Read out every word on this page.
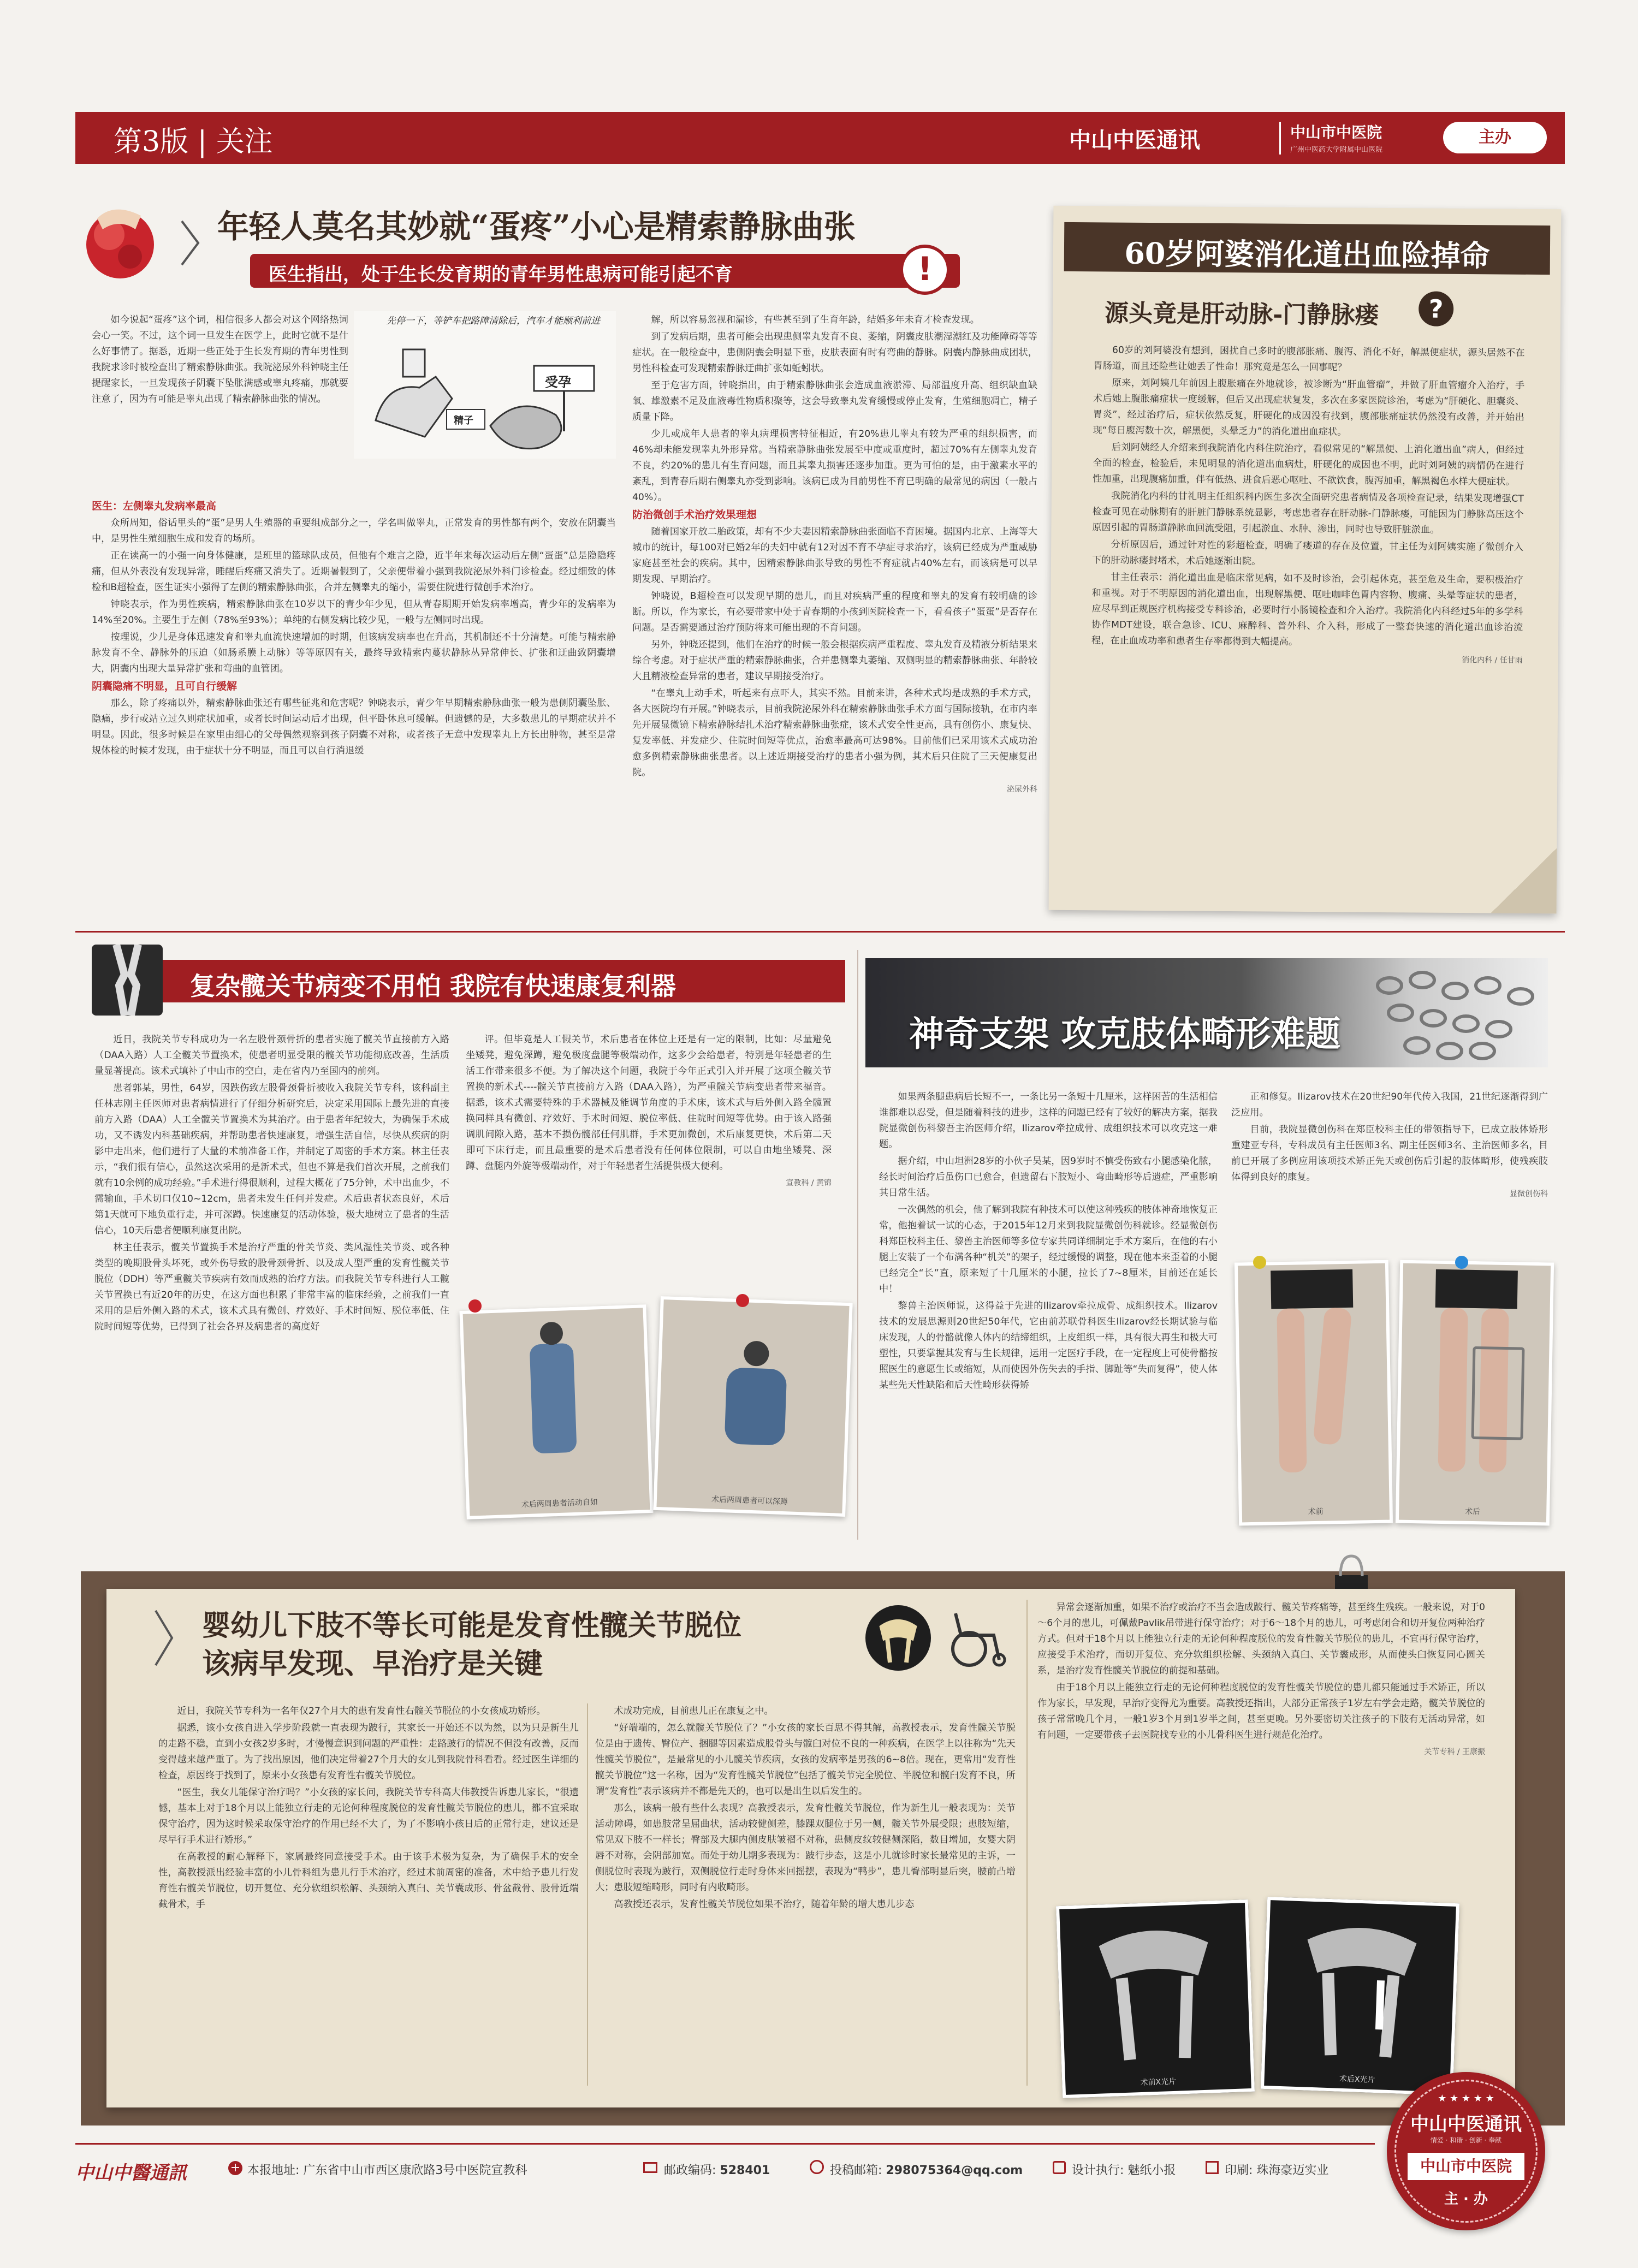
第3版 | 关注	中山中医通讯	中山市中医院
广州中医药大学附属中山医院
主办
年轻人莫名其妙就“蛋疼”小心是精索静脉曲张
医生指出，处于生长发育期的青年男性患病可能引起不育	!

如今说起“蛋疼”这个词，相信很多人都会对这个网络热词会心一笑。不过，这个词一旦发生在医学上，此时它就不是什么好事情了。据悉，近期一些正处于生长发育期的青年男性到我院求诊时被检查出了精索静脉曲张。我院泌尿外科钟晓主任提醒家长，一旦发现孩子阴囊下坠胀满感或睾丸疼痛，那就要注意了，因为有可能是睾丸出现了精索静脉曲张的情况。

先停一下，等铲车把路障清除后，汽车才能顺利前进
受孕
精子
医生：左侧睾丸发病率最高

众所周知，俗话里头的“蛋”是男人生殖器的重要组成部分之一，学名叫做睾丸，正常发育的男性都有两个，安放在阴囊当中，是男性生殖细胞生成和发育的场所。

正在读高一的小强一向身体健康，是班里的篮球队成员，但他有个难言之隐，近半年来每次运动后左侧“蛋蛋”总是隐隐疼痛，但从外表没有发现异常，睡醒后疼痛又消失了。近期暑假到了，父亲便带着小强到我院泌尿外科门诊检查。经过细致的体检和B超检查，医生证实小强得了左侧的精索静脉曲张，合并左侧睾丸的缩小，需要住院进行微创手术治疗。

钟晓表示，作为男性疾病，精索静脉曲张在10岁以下的青少年少见，但从青春期期开始发病率增高，青少年的发病率为14%至20%。主要生于左侧（78%至93%）；单纯的右侧发病比较少见，一般与左侧同时出现。

按理说，少儿是身体迅速发育和睾丸血流快速增加的时期，但该病发病率也在升高，其机制还不十分清楚。可能与精索静脉发育不全、静脉外的压迫（如肠系膜上动脉）等等原因有关，最终导致精索内蔓状静脉丛异常伸长、扩张和迂曲致阴囊增大，阴囊内出现大量异常扩张和弯曲的血管团。

阴囊隐痛不明显，且可自行缓解

那么，除了疼痛以外，精索静脉曲张还有哪些征兆和危害呢？钟晓表示，青少年早期精索静脉曲张一般为患侧阴囊坠胀、隐痛，步行或站立过久则症状加重，或者长时间运动后才出现，但平卧休息可缓解。但遗憾的是，大多数患儿的早期症状并不明显。因此，很多时候是在家里由细心的父母偶然观察到孩子阴囊不对称，或者孩子无意中发现睾丸上方长出肿物，甚至是常规体检的时候才发现，由于症状十分不明显，而且可以自行消退缓

解，所以容易忽视和漏诊，有些甚至到了生育年龄，结婚多年未育才检查发现。

到了发病后期，患者可能会出现患侧睾丸发育不良、萎缩，阴囊皮肤潮湿潮红及功能障碍等等症状。在一般检查中，患侧阴囊会明显下垂，皮肤表面有时有弯曲的静脉。阴囊内静脉曲成团状，男性科检查可发现精索静脉迂曲扩张如蚯蚓状。

至于危害方面，钟晓指出，由于精索静脉曲张会造成血液淤滞、局部温度升高、组织缺血缺氧、雄激素不足及血液毒性物质积聚等，这会导致睾丸发育缓慢或停止发育，生殖细胞凋亡，精子质量下降。

少儿或成年人患者的睾丸病理损害特征相近，有20%患儿睾丸有较为严重的组织损害，而46%却未能发现睾丸外形异常。当精索静脉曲张发展至中度或重度时，超过70%有左侧睾丸发育不良，约20%的患儿有生育问题，而且其睾丸损害还逐步加重。更为可怕的是，由于激素水平的紊乱，到青春后期右侧睾丸亦受到影响。该病已成为目前男性不育已明确的最常见的病因（一般占40%）。

防治微创手术治疗效果理想

随着国家开放二胎政策，却有不少夫妻因精索静脉曲张面临不育困境。据国内北京、上海等大城市的统计，每100对已婚2年的夫妇中就有12对因不育不孕症寻求治疗，该病已经成为严重威胁家庭甚至社会的疾病。其中，因精索静脉曲张导致的男性不育症就占40%左右，而该病是可以早期发现、早期治疗。

钟晓说，B超检查可以发现早期的患儿，而且对疾病严重的程度和睾丸的发育有较明确的诊断。所以，作为家长，有必要带家中处于青春期的小孩到医院检查一下，看看孩子“蛋蛋”是否存在问题。是否需要通过治疗预防将来可能出现的不育问题。

另外，钟晓还提到，他们在治疗的时候一般会根据疾病严重程度、睾丸发育及精液分析结果来综合考虑。对于症状严重的精索静脉曲张，合并患侧睾丸萎缩、双侧明显的精索静脉曲张、年龄较大且精液检查异常的患者，建议早期接受治疗。

“在睾丸上动手术，听起来有点吓人，其实不然。目前来讲，各种术式均是成熟的手术方式，各大医院均有开展。”钟晓表示，目前我院泌尿外科在精索静脉曲张手术方面与国际接轨，在市内率先开展显微镜下精索静脉结扎术治疗精索静脉曲张症，该术式安全性更高，具有创伤小、康复快、复发率低、并发症少、住院时间短等优点，治愈率最高可达98%。目前他们已采用该术式成功治愈多例精索静脉曲张患者。以上述近期接受治疗的患者小强为例，其术后只住院了三天便康复出院。

泌尿外科
60岁阿婆消化道出血险掉命
源头竟是肝动脉-门静脉瘘	?

60岁的刘阿婆没有想到，困扰自己多时的腹部胀痛、腹泻、消化不好，解黑便症状，源头居然不在胃肠道，而且还险些让她丢了性命！那究竟是怎么一回事呢？

原来，刘阿姨几年前因上腹胀痛在外地就诊，被诊断为“肝血管瘤”，并做了肝血管瘤介入治疗，手术后她上腹胀痛症状一度缓解，但后又出现症状复发，多次在多家医院诊治，考虑为“肝硬化、胆囊炎、胃炎”，经过治疗后，症状依然反复，肝硬化的成因没有找到，腹部胀痛症状仍然没有改善，并开始出现“每日腹泻数十次，解黑便，头晕乏力”的消化道出血症状。

后刘阿姨经人介绍来到我院消化内科住院治疗，看似常见的“解黑便、上消化道出血”病人，但经过全面的检查，检验后，未见明显的消化道出血病灶，肝硬化的成因也不明，此时刘阿姨的病情仍在进行性加重，出现腹痛加重，伴有低热、进食后恶心呕吐、不欲饮食，腹泻加重，解黑褐色水样大便症状。

我院消化内科的甘礼明主任组织科内医生多次全面研究患者病情及各项检查记录，结果发现增强CT检查可见在动脉期有的肝脏门静脉系统显影，考虑患者存在肝动脉-门静脉瘘，可能因为门静脉高压这个原因引起的胃肠道静脉血回流受阻，引起淤血、水肿、渗出，同时也导致肝脏淤血。

分析原因后，通过针对性的彩超检查，明确了瘘道的存在及位置，甘主任为刘阿姨实施了微创介入下的肝动脉瘘封堵术，术后她逐渐出院。

甘主任表示：消化道出血是临床常见病，如不及时诊治，会引起休克，甚至危及生命，要积极治疗和重视。对于不明原因的消化道出血，出现解黑便、呕吐咖啡色胃内容物、腹痛、头晕等症状的患者，应尽早到正规医疗机构接受专科诊治，必要时行小肠镜检查和介入治疗。我院消化内科经过5年的多学科协作MDT建设，联合急诊、ICU、麻醉科、普外科、介入科，形成了一整套快速的消化道出血诊治流程，在止血成功率和患者生存率都得到大幅提高。

消化内科 / 任甘雨
复杂髋关节病变不用怕 我院有快速康复利器

近日，我院关节专科成功为一名左股骨颈骨折的患者实施了髋关节直接前方入路（DAA入路）人工全髋关节置换术，使患者明显受限的髋关节功能彻底改善，生活质量显著提高。该术式填补了中山市的空白，走在省内乃至国内的前列。

患者郭某，男性，64岁，因跌伤致左股骨颈骨折被收入我院关节专科，该科副主任林志刚主任医师对患者病情进行了仔细分析研究后，决定采用国际上最先进的直接前方入路（DAA）人工全髋关节置换术为其治疗。由于患者年纪较大，为确保手术成功，又不诱发内科基础疾病，并帮助患者快速康复，增强生活自信，尽快从疾病的阴影中走出来，他们进行了大量的术前准备工作，并制定了周密的手术方案。林主任表示，“我们很有信心，虽然这次采用的是新术式，但也不算是我们首次开展，之前我们就有10余例的成功经验。”手术进行得很顺利，过程大概花了75分钟，术中出血少，不需输血，手术切口仅10~12cm，患者未发生任何并发症。术后患者状态良好，术后第1天就可下地负重行走，并可深蹲。快速康复的活动体验，极大地树立了患者的生活信心，10天后患者便顺利康复出院。

林主任表示，髋关节置换手术是治疗严重的骨关节炎、类风湿性关节炎、或各种类型的晚期股骨头坏死，或外伤导致的股骨颈骨折、以及成人型严重的发育性髋关节脱位（DDH）等严重髋关节疾病有效而成熟的治疗方法。而我院关节专科进行人工髋关节置换已有近20年的历史，在这方面也积累了非常丰富的临床经验，之前我们一直采用的是后外侧入路的术式，该术式具有微创、疗效好、手术时间短、脱位率低、住院时间短等优势，已得到了社会各界及病患者的高度好

评。但毕竟是人工假关节，术后患者在体位上还是有一定的限制，比如：尽量避免坐矮凳，避免深蹲，避免极度盘腿等极端动作，这多少会给患者，特别是年轻患者的生活工作带来很多不便。为了解决这个问题，我院于今年正式引入并开展了这项全髋关节置换的新术式----髋关节直接前方入路（DAA入路），为严重髋关节病变患者带来福音。据悉，该术式需要特殊的手术器械及能调节角度的手术床，该术式与后外侧入路全髋置换同样具有微创、疗效好、手术时间短、脱位率低、住院时间短等优势。由于该入路强调肌间隙入路，基本不损伤髋部任何肌群，手术更加微创，术后康复更快，术后第二天即可下床行走，而且最重要的是术后患者没有任何体位限制，可以自由地坐矮凳、深蹲、盘腿内外旋等极端动作，对于年轻患者生活提供极大便利。

宣教科 / 黄锦
术后两周患者活动自如	术后两周患者可以深蹲
神奇支架 攻克肢体畸形难题

如果两条腿患病后长短不一，一条比另一条短十几厘米，这样困苦的生活相信谁都难以忍受，但是随着科技的进步，这样的问题已经有了较好的解决方案，据我院显微创伤科黎吾主治医师介绍，Ilizarov牵拉成骨、成组织技术可以攻克这一难题。

据介绍，中山坦洲28岁的小伙子吴某，因9岁时不慎受伤致右小腿感染化脓，经长时间治疗后虽伤口已愈合，但遗留右下肢短小、弯曲畸形等后遗症，严重影响其日常生活。

一次偶然的机会，他了解到我院有种技术可以使这种残疾的肢体神奇地恢复正常，他抱着试一试的心态，于2015年12月来到我院显微创伤科就诊。经显微创伤科郑臣校科主任、黎兽主治医师等多位专家共同详细制定手术方案后，在他的右小腿上安装了一个布满各种“机关”的架子，经过缓慢的调整，现在他本来歪着的小腿已经完全“长”直，原来短了十几厘米的小腿，拉长了7~8厘米，目前还在延长中！

黎兽主治医师说，这得益于先进的Ilizarov牵拉成骨、成组织技术。Ilizarov技术的发展思源则20世纪50年代，它由前苏联骨科医生Ilizarov经长期试验与临床发现，人的骨骼就像人体内的结缔组织，上皮组织一样，具有很大再生和极大可塑性，只要掌握其发育与生长规律，运用一定医疗手段，在一定程度上可使骨骼按照医生的意愿生长或缩短，从而使因外伤失去的手指、脚趾等“失而复得”，使人体某些先天性缺陷和后天性畸形获得矫

正和修复。Ilizarov技术在20世纪90年代传入我国，21世纪逐渐得到广泛应用。

目前，我院显微创伤科在郑臣校科主任的带领指导下，已成立肢体矫形重建亚专科，专科成员有主任医师3名、副主任医师3名、主治医师多名，目前已开展了多例应用该项技术矫正先天或创伤后引起的肢体畸形，使残疾肢体得到良好的康复。

显微创伤科
术前	术后
婴幼儿下肢不等长可能是发育性髋关节脱位
该病早发现、早治疗是关键

近日，我院关节专科为一名年仅27个月大的患有发育性右髋关节脱位的小女孩成功矫形。

据悉，该小女孩自进入学步阶段就一直表现为跛行，其家长一开始还不以为然，以为只是新生儿的走路不稳，直到小女孩2岁多时，才慢慢意识到问题的严重性：走路跛行的情况不但没有改善，反而变得越来越严重了。为了找出原因，他们决定带着27个月大的女儿到我院骨科看看。经过医生详细的检查，原因终于找到了，原来小女孩患有发育性右髋关节脱位。

“医生，我女儿能保守治疗吗？”小女孩的家长问，我院关节专科高大伟教授告诉患儿家长，“很遗憾，基本上对于18个月以上能独立行走的无论何种程度脱位的发育性髋关节脱位的患儿，都不宜采取保守治疗，因为这时候采取保守治疗的作用已经不大了，为了不影响小孩日后的正常行走，建议还是尽早行手术进行矫形。”

在高教授的耐心解释下，家属最终同意接受手术。由于该手术极为复杂，为了确保手术的安全性，高教授派出经验丰富的小儿骨科组为患儿行手术治疗，经过术前周密的准备，术中给予患儿行发育性右髋关节脱位，切开复位、充分软组织松解、头颈纳入真臼、关节囊成形、骨盆截骨、股骨近端截骨术，手

术成功完成，目前患儿正在康复之中。

“好端端的，怎么就髋关节脱位了？”小女孩的家长百思不得其解，高教授表示，发育性髋关节脱位是由于遗传、臀位产、捆腿等因素造成股骨头与髋臼对位不良的一种疾病，在医学上以往称为“先天性髋关节脱位”，是最常见的小儿髋关节疾病，女孩的发病率是男孩的6~8倍。现在，更常用“发育性髋关节脱位”这一名称，因为“发育性髋关节脱位”包括了髋关节完全脱位、半脱位和髋臼发育不良，所谓“发育性”表示该病并不都是先天的，也可以是出生以后发生的。

那么，该病一般有些什么表现？高教授表示，发育性髋关节脱位，作为新生儿一般表现为：关节活动障碍，如患肢常呈屈曲状，活动较健侧差，膝踝双腿位于另一侧，髋关节外展受限；患肢短缩，常见双下肢不一样长；臀部及大腿内侧皮肤皱褶不对称，患侧皮纹较健侧深陷，数目增加，女婴大阴唇不对称，会阴部加宽。而处于幼儿期多表现为：跛行步态，这是小儿就诊时家长最常见的主诉，一侧脱位时表现为跛行，双侧脱位行走时身体来回摇摆，表现为“鸭步”，患儿臀部明显后突，腰前凸增大；患肢短缩畸形，同时有内收畸形。

高教授还表示，发育性髋关节脱位如果不治疗，随着年龄的增大患儿步态

异常会逐渐加重，如果不治疗或治疗不当会造成跛行、髋关节疼痛等，甚至终生残疾。一般来说，对于0～6个月的患儿，可佩戴Pavlik吊带进行保守治疗；对于6～18个月的患儿，可考虑闭合和切开复位两种治疗方式。但对于18个月以上能独立行走的无论何种程度脱位的发育性髋关节脱位的患儿，不宜再行保守治疗，应接受手术治疗，而切开复位、充分软组织松解、头颈纳入真臼、关节囊成形，从而使头臼恢复同心圆关系，是治疗发育性髋关节脱位的前提和基础。

由于18个月以上能独立行走的无论何种程度脱位的发育性髋关节脱位的患儿都只能通过手术矫正，所以作为家长，早发现，早治疗变得尤为重要。高教授还指出，大部分正常孩子1岁左右学会走路，髋关节脱位的孩子常常晚几个月，一般1岁3个月到1岁半之间，甚至更晚。另外要密切关注孩子的下肢有无活动异常，如有问题，一定要带孩子去医院找专业的小儿骨科医生进行规范化治疗。

关节专科 / 王康振
术前X光片	术后X光片
中山中醫通訊	+ 本报地址: 广东省中山市西区康欣路3号中医院宣教科	邮政编码: 528401	投稿邮箱: 298075364@qq.com	设计执行: 魅纸小报	印刷: 珠海豪迈实业
★ ★ ★ ★ ★
中山中医通讯
情爱 · 和谐 · 创新 · 奉献
中山市中医院
主 · 办
